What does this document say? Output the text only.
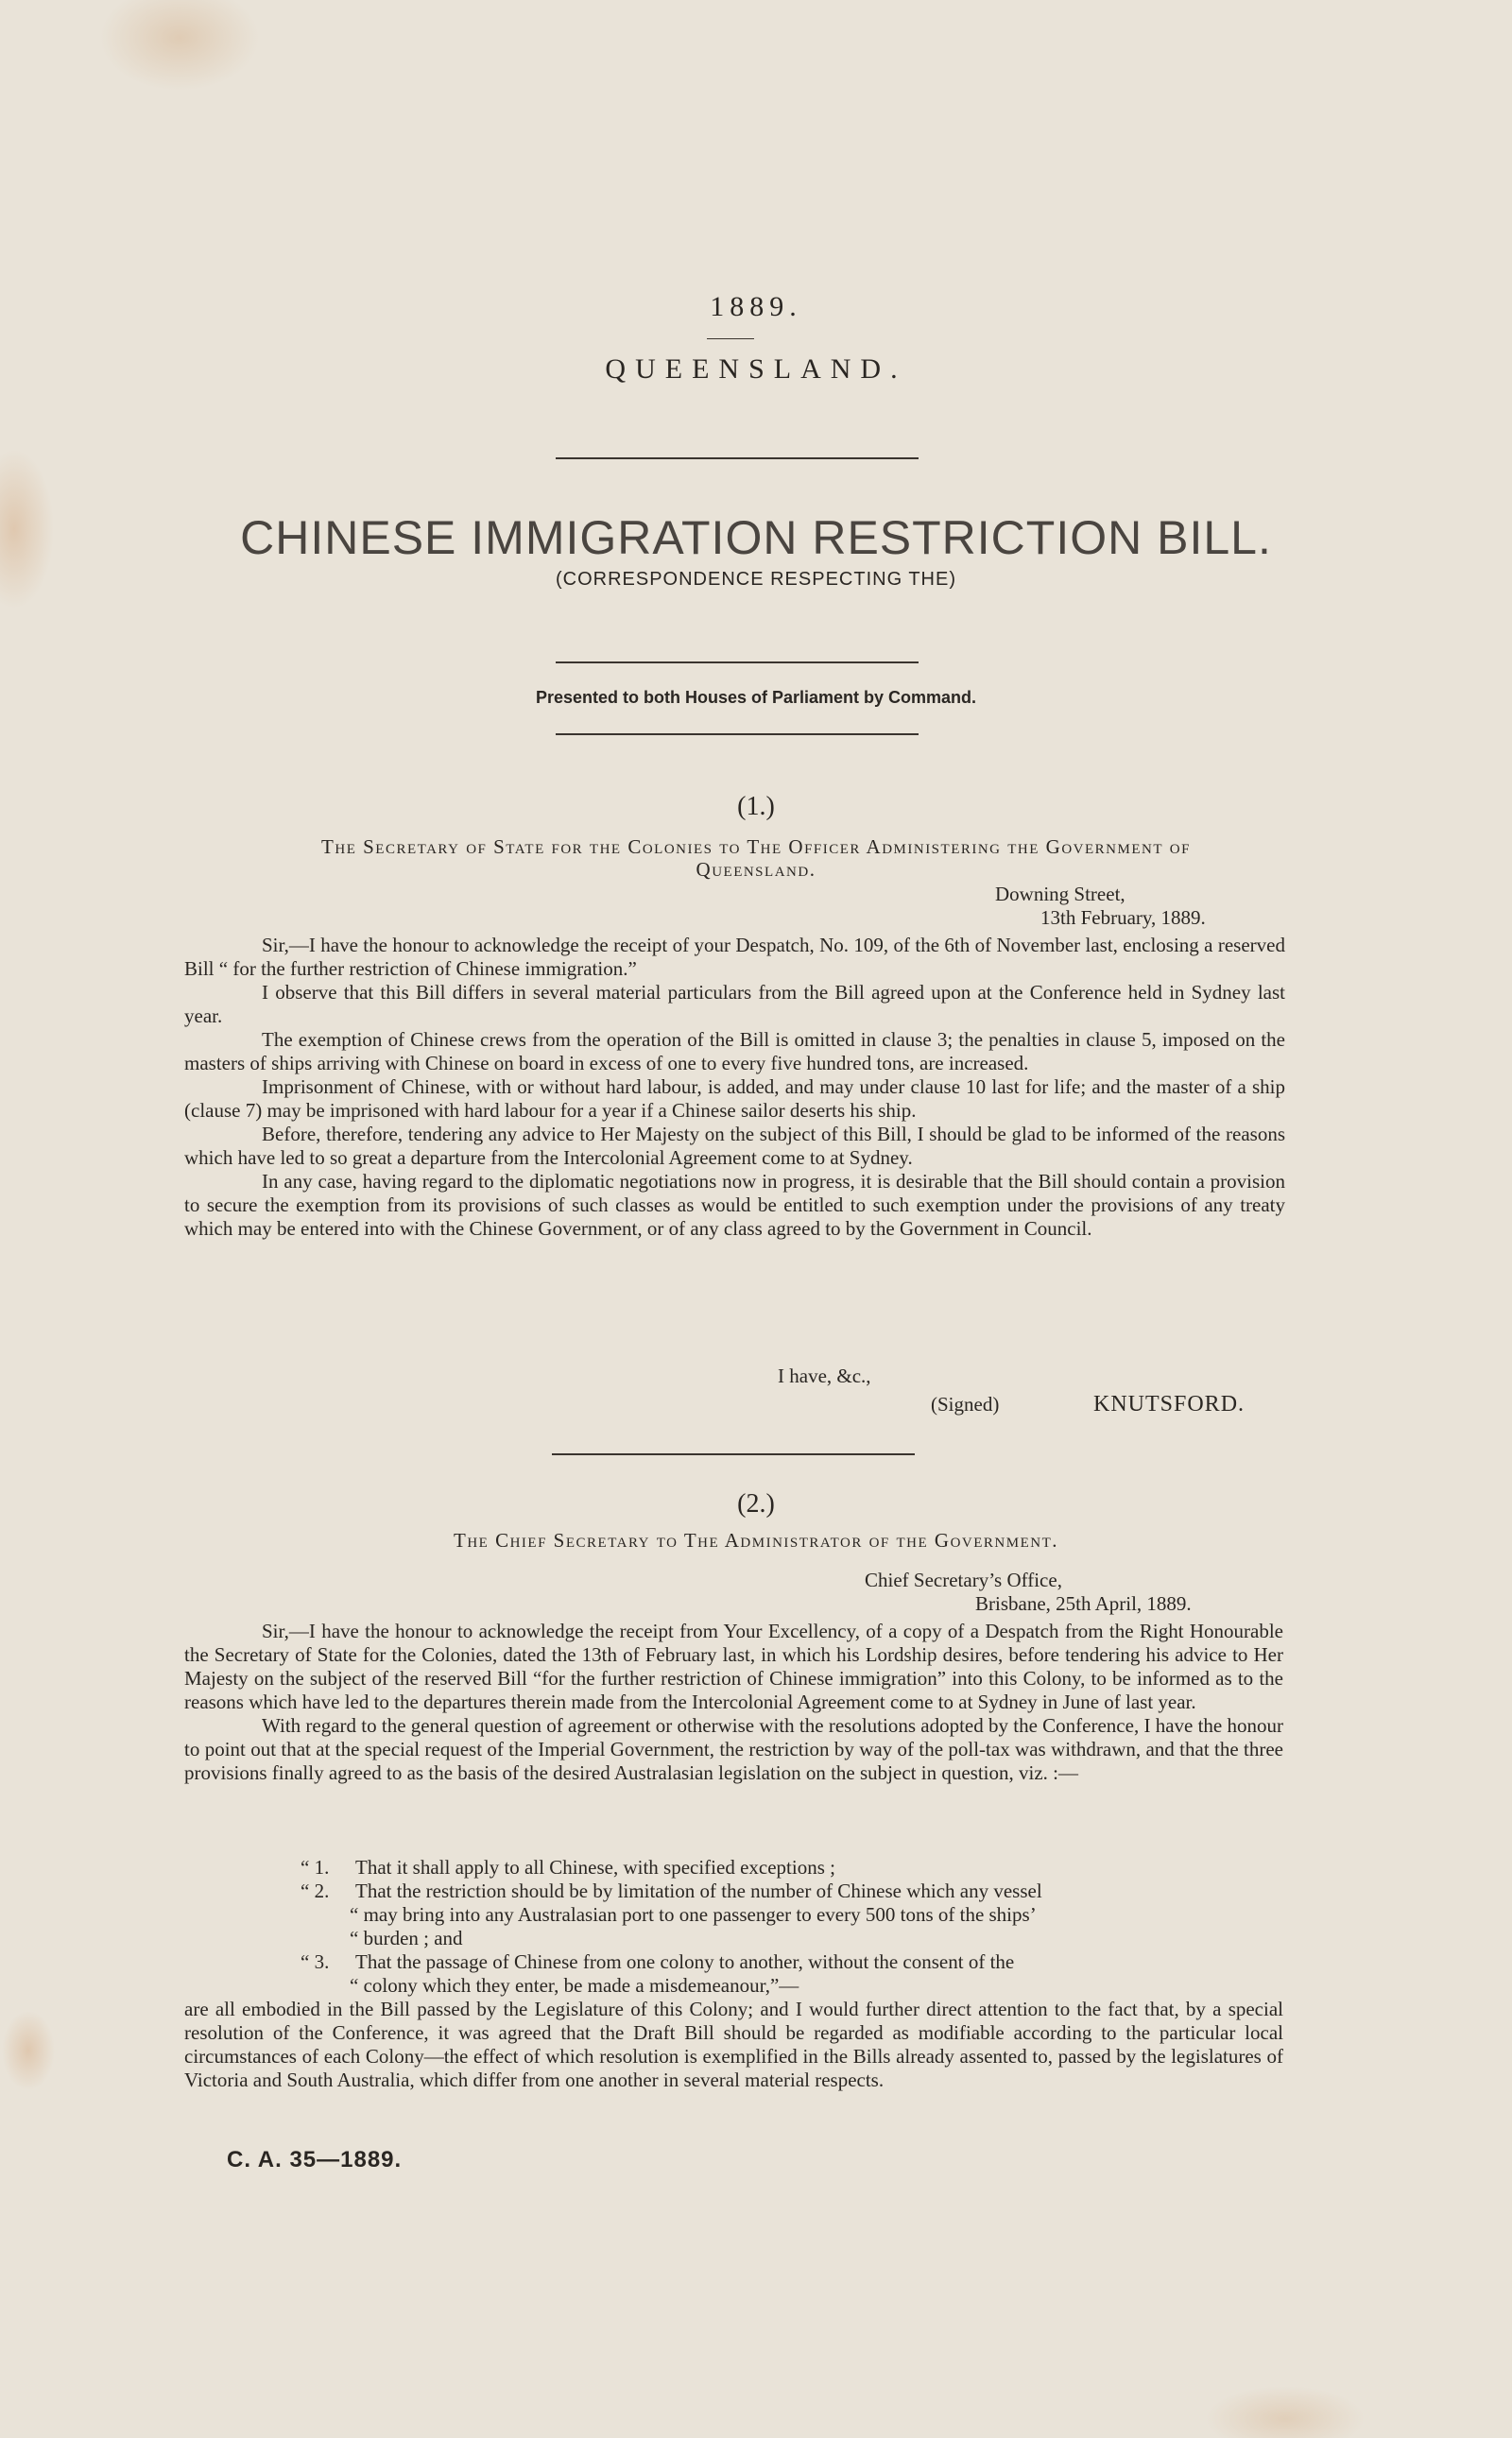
1889.
QUEENSLAND.
CHINESE IMMIGRATION RESTRICTION BILL.
(CORRESPONDENCE RESPECTING THE)
Presented to both Houses of Parliament by Command.
(1.)
The Secretary of State for the Colonies to The Officer Administering the Government of
Queensland.
Downing Street,
13th February, 1889.

Sir,—I have the honour to acknowledge the receipt of your Despatch, No. 109, of the 6th of November last, enclosing a reserved Bill “ for the further restriction of Chinese immigration.”

I observe that this Bill differs in several material particulars from the Bill agreed upon at the Conference held in Sydney last year.

The exemption of Chinese crews from the operation of the Bill is omitted in clause 3; the penalties in clause 5, imposed on the masters of ships arriving with Chinese on board in excess of one to every five hundred tons, are increased.

Imprisonment of Chinese, with or without hard labour, is added, and may under clause 10 last for life; and the master of a ship (clause 7) may be imprisoned with hard labour for a year if a Chinese sailor deserts his ship.

Before, therefore, tendering any advice to Her Majesty on the subject of this Bill, I should be glad to be informed of the reasons which have led to so great a departure from the Intercolonial Agreement come to at Sydney.

In any case, having regard to the diplomatic negotiations now in progress, it is desirable that the Bill should contain a provision to secure the exemption from its provisions of such classes as would be entitled to such exemption under the provisions of any treaty which may be entered into with the Chinese Government, or of any class agreed to by the Government in Council.

I have, &c.,
(Signed)	KNUTSFORD.
(2.)
The Chief Secretary to The Administrator of the Government.
Chief Secretary’s Office,
Brisbane, 25th April, 1889.

Sir,—I have the honour to acknowledge the receipt from Your Excellency, of a copy of a Despatch from the Right Honourable the Secretary of State for the Colonies, dated the 13th of February last, in which his Lordship desires, before tendering his advice to Her Majesty on the subject of the reserved Bill “for the further restriction of Chinese immigration” into this Colony, to be informed as to the reasons which have led to the departures therein made from the Intercolonial Agreement come to at Sydney in June of last year.

With regard to the general question of agreement or otherwise with the resolutions adopted by the Conference, I have the honour to point out that at the special request of the Imperial Government, the restriction by way of the poll-tax was withdrawn, and that the three provisions finally agreed to as the basis of the desired Australasian legislation on the subject in question, viz. :—

“ 1. That it shall apply to all Chinese, with specified exceptions ;
“ 2. That the restriction should be by limitation of the number of Chinese which any vessel
“ may bring into any Australasian port to one passenger to every 500 tons of the ships’
“ burden ; and
“ 3. That the passage of Chinese from one colony to another, without the consent of the
“ colony which they enter, be made a misdemeanour,”—

are all embodied in the Bill passed by the Legislature of this Colony; and I would further direct attention to the fact that, by a special resolution of the Conference, it was agreed that the Draft Bill should be regarded as modifiable according to the particular local circumstances of each Colony—the effect of which resolution is exemplified in the Bills already assented to, passed by the legislatures of Victoria and South Australia, which differ from one another in several material respects.

C. A. 35—1889.
